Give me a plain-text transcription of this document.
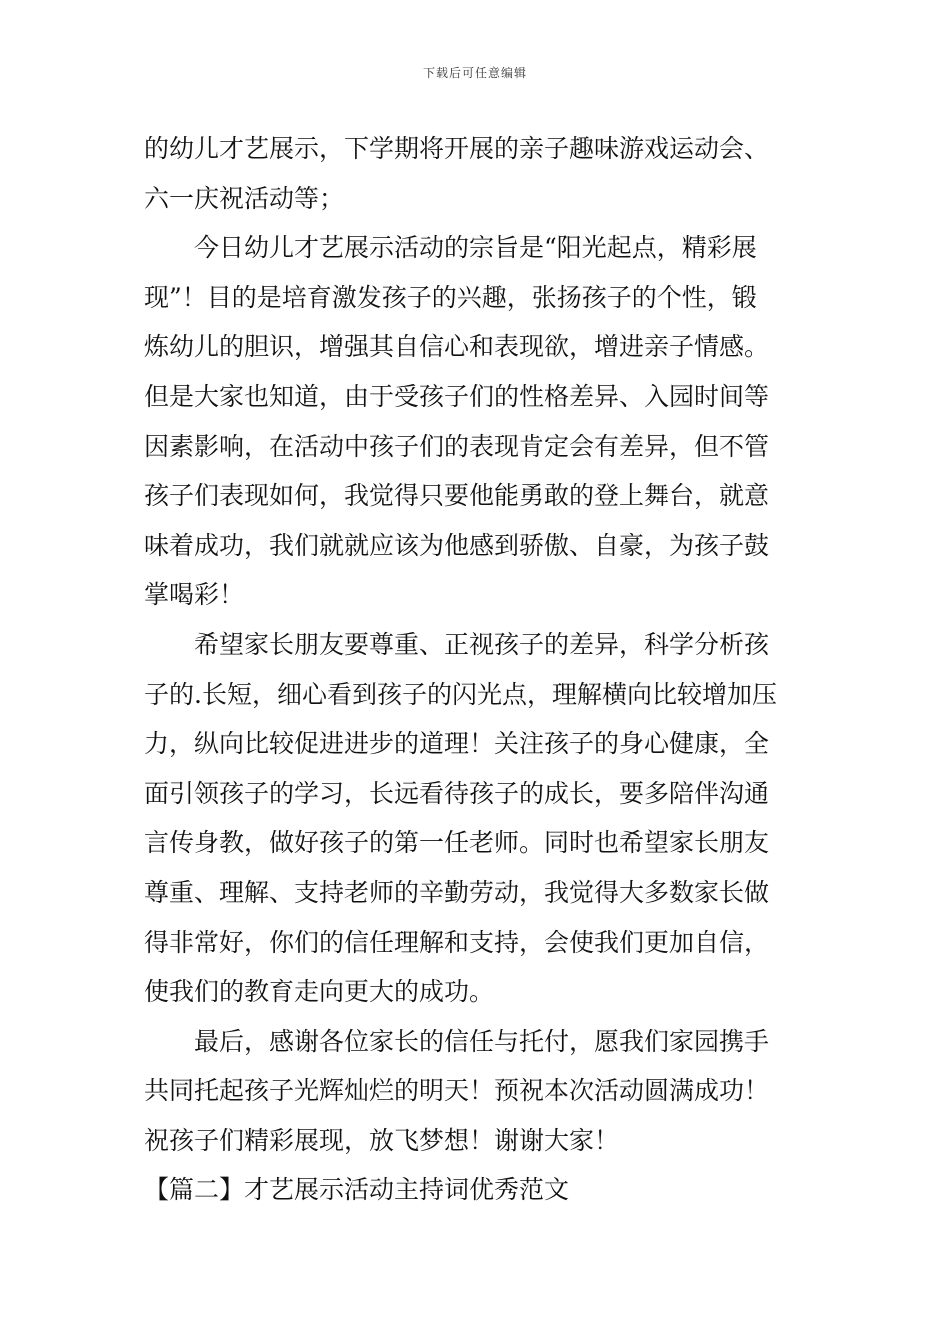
下载后可任意编辑
的幼儿才艺展示，下学期将开展的亲子趣味游戏运动会、
六一庆祝活动等；
　　今日幼儿才艺展示活动的宗旨是“阳光起点，精彩展
现”！目的是培育激发孩子的兴趣，张扬孩子的个性，锻
炼幼儿的胆识，增强其自信心和表现欲，增进亲子情感。
但是大家也知道，由于受孩子们的性格差异、入园时间等
因素影响，在活动中孩子们的表现肯定会有差异，但不管
孩子们表现如何，我觉得只要他能勇敢的登上舞台，就意
味着成功，我们就就应该为他感到骄傲、自豪，为孩子鼓
掌喝彩！
　　希望家长朋友要尊重、正视孩子的差异，科学分析孩
子的.长短，细心看到孩子的闪光点，理解横向比较增加压
力，纵向比较促进进步的道理！关注孩子的身心健康，全
面引领孩子的学习，长远看待孩子的成长，要多陪伴沟通
言传身教，做好孩子的第一任老师。同时也希望家长朋友
尊重、理解、支持老师的辛勤劳动，我觉得大多数家长做
得非常好，你们的信任理解和支持，会使我们更加自信，
使我们的教育走向更大的成功。
　　最后，感谢各位家长的信任与托付，愿我们家园携手
共同托起孩子光辉灿烂的明天！预祝本次活动圆满成功！
祝孩子们精彩展现，放飞梦想！谢谢大家！
【篇二】才艺展示活动主持词优秀范文
